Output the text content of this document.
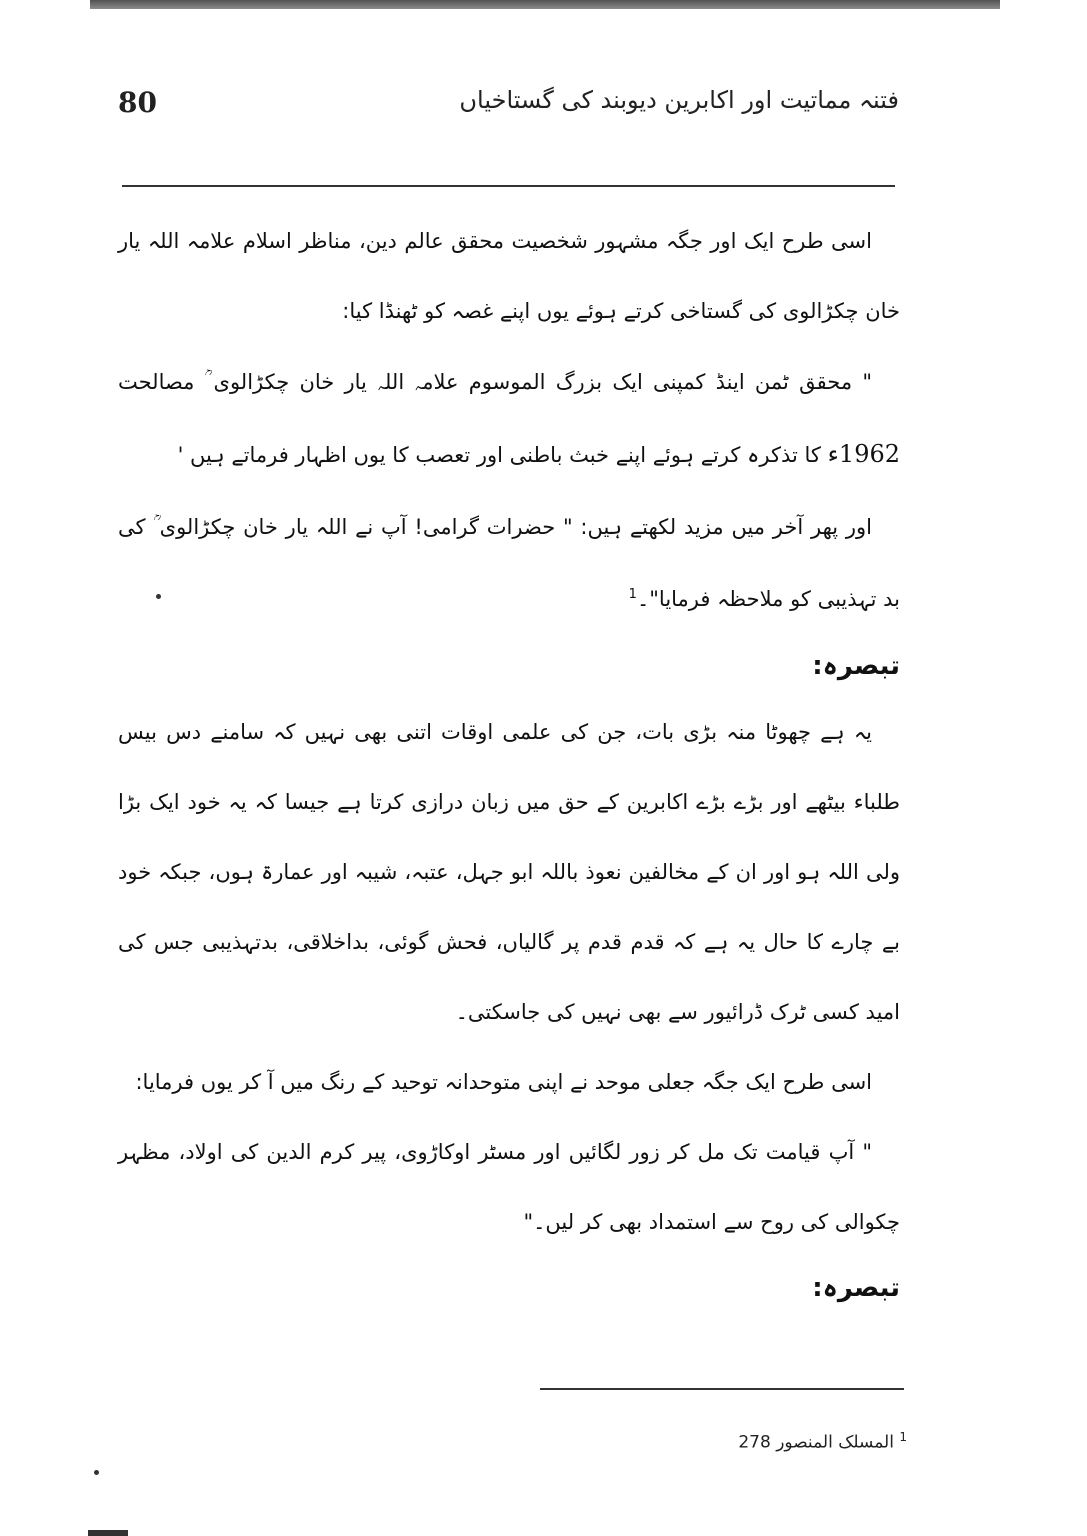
80	فتنہ مماتیت اور اکابرین دیوبند کی گستاخیاں

اسی طرح ایک اور جگہ مشہور شخصیت محقق عالم دین، مناظر اسلام علامہ اللہ یار خان چکڑالوی کی گستاخی کرتے ہوئے یوں اپنے غصہ کو ٹھنڈا کیا:

" محقق ٹمن اینڈ کمپنی ایک بزرگ الموسوم علامہ اللہ یار خان چکڑالوی ؒ مصالحت 1962ء کا تذکرہ کرتے ہوئے اپنے خبث باطنی اور تعصب کا یوں اظہار فرماتے ہیں '

اور پھر آخر میں مزید لکھتے ہیں: " حضرات گرامی! آپ نے اللہ یار خان چکڑالوی ؒ کی بد تہذیبی کو ملاحظہ فرمایا"۔$^1$

تبصرہ:

یہ ہے چھوٹا منہ بڑی بات، جن کی علمی اوقات اتنی بھی نہیں کہ سامنے دس بیس طلباء بیٹھے اور بڑے بڑے اکابرین کے حق میں زبان درازی کرتا ہے جیسا کہ یہ خود ایک بڑا ولی اللہ ہو اور ان کے مخالفین نعوذ باللہ ابو جہل، عتبہ، شیبہ اور عمارۃ ہوں، جبکہ خود بے چارے کا حال یہ ہے کہ قدم قدم پر گالیاں، فحش گوئی، بداخلاقی، بدتہذیبی جس کی امید کسی ٹرک ڈرائیور سے بھی نہیں کی جاسکتی۔

اسی طرح ایک جگہ جعلی موحد نے اپنی متوحدانہ توحید کے رنگ میں آ کر یوں فرمایا:

" آپ قیامت تک مل کر زور لگائیں اور مسٹر اوکاڑوی، پیر کرم الدین کی اولاد، مظہر چکوالی کی روح سے استمداد بھی کر لیں۔"

تبصرہ:

$^1$ المسلک المنصور 278
